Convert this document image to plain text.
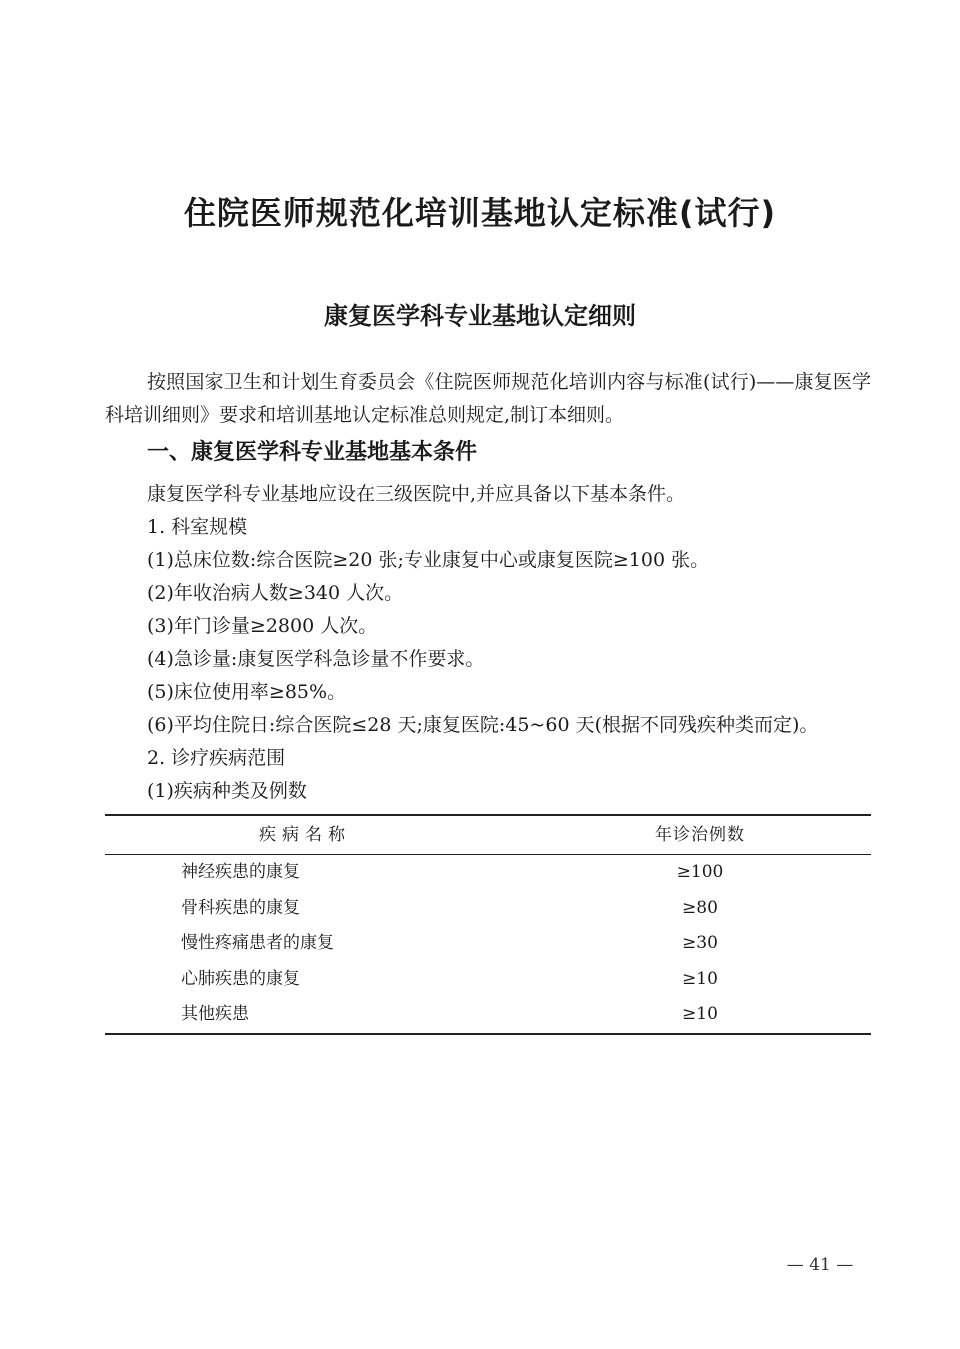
住院医师规范化培训基地认定标准(试行)
康复医学科专业基地认定细则

按照国家卫生和计划生育委员会《住院医师规范化培训内容与标准(试行)——康复医学科培训细则》要求和培训基地认定标准总则规定,制订本细则。

一、康复医学科专业基地基本条件

康复医学科专业基地应设在三级医院中,并应具备以下基本条件。

1. 科室规模

(1)总床位数:综合医院≥20 张;专业康复中心或康复医院≥100 张。

(2)年收治病人数≥340 人次。

(3)年门诊量≥2800 人次。

(4)急诊量:康复医学科急诊量不作要求。

(5)床位使用率≥85%。

(6)平均住院日:综合医院≤28 天;康复医院:45~60 天(根据不同残疾种类而定)。

2. 诊疗疾病范围

(1)疾病种类及例数

疾病名称	年诊治例数
神经疾患的康复	≥100
骨科疾患的康复	≥80
慢性疼痛患者的康复	≥30
心肺疾患的康复	≥10
其他疾患	≥10
— 41 —
